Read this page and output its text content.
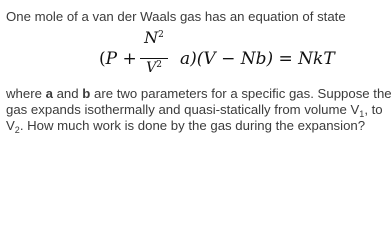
One mole of a van der Waals gas has an equation of state
(P +
$N^2$
$V^2$	a)(V − Nb) = NkT
where a and b are two parameters for a specific gas. Suppose the
gas expands isothermally and quasi-statically from volume $V_1$, to
$V_2$. How much work is done by the gas during the expansion?
